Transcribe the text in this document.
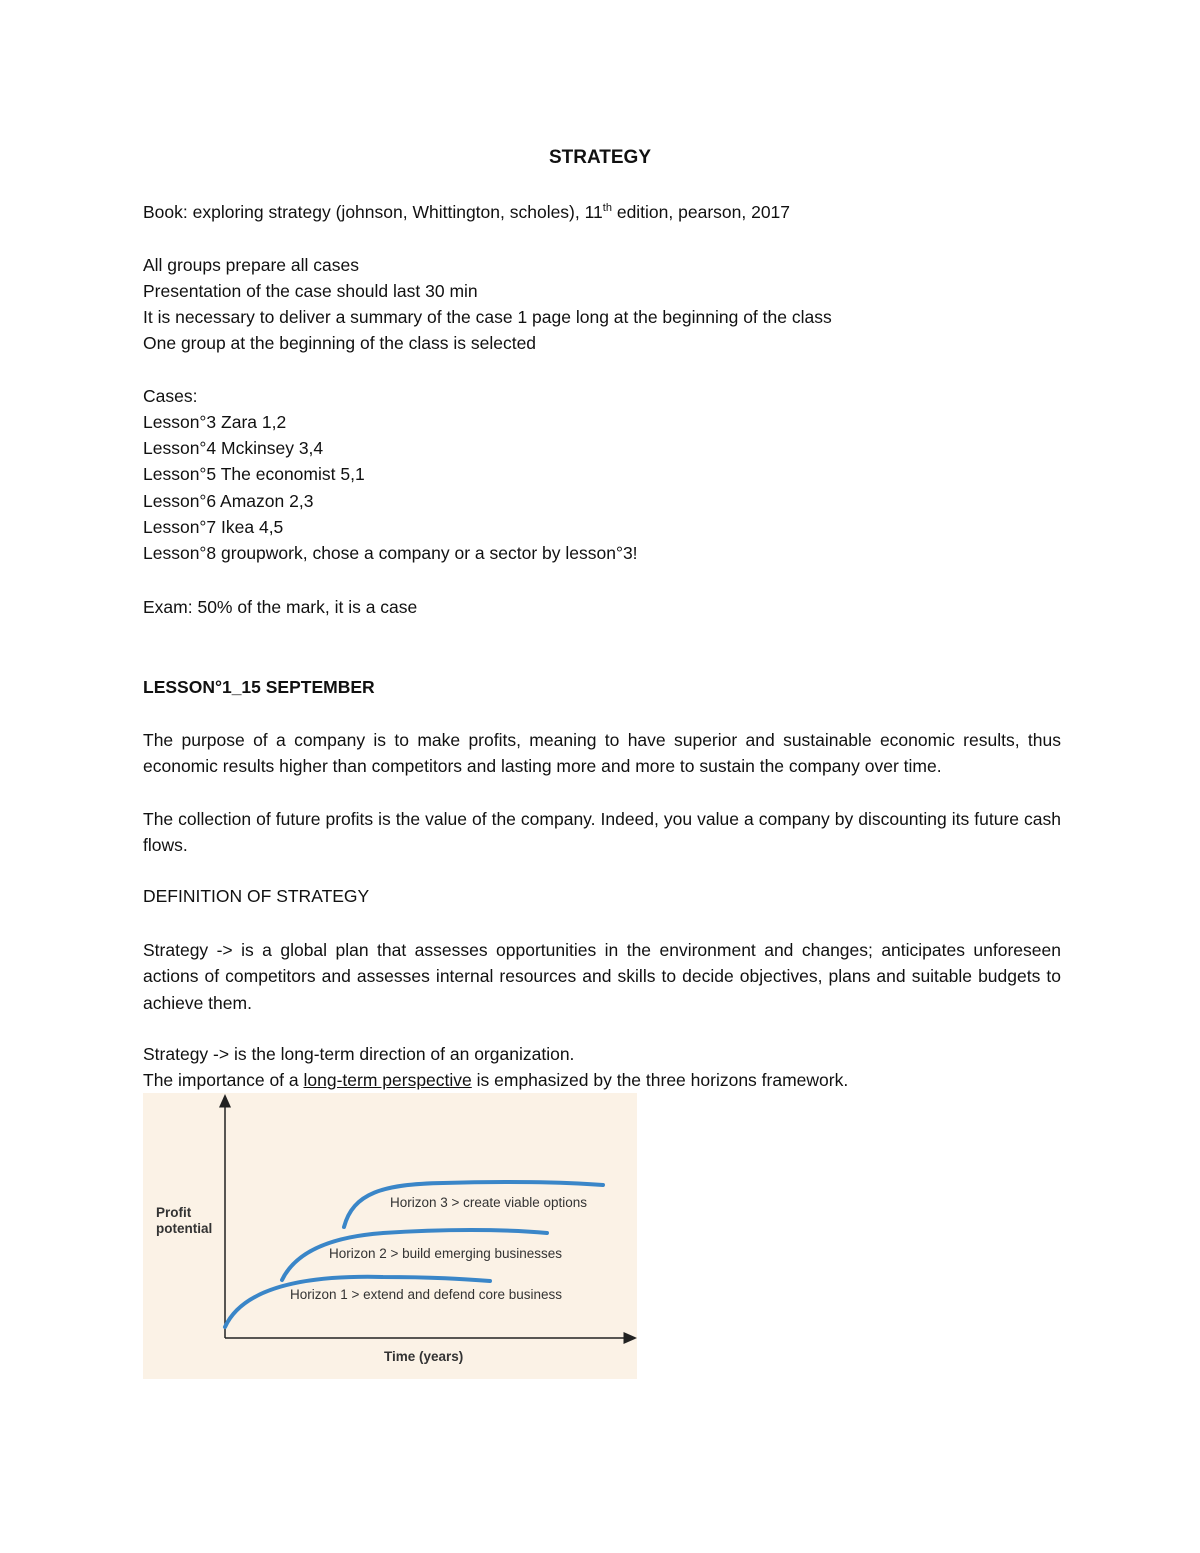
STRATEGY
Book: exploring strategy (johnson, Whittington, scholes), 11th edition, pearson, 2017
All groups prepare all cases
Presentation of the case should last 30 min
It is necessary to deliver a summary of the case 1 page long at the beginning of the class
One group at the beginning of the class is selected
Cases:
Lesson°3 Zara 1,2
Lesson°4 Mckinsey 3,4
Lesson°5 The economist 5,1
Lesson°6 Amazon 2,3
Lesson°7 Ikea 4,5
Lesson°8 groupwork, chose a company or a sector by lesson°3!
Exam: 50% of the mark, it is a case
LESSON°1_15 SEPTEMBER
The purpose of a company is to make profits, meaning to have superior and sustainable economic results, thus economic results higher than competitors and lasting more and more to sustain the company over time.
The collection of future profits is the value of the company. Indeed, you value a company by discounting its future cash flows.
DEFINITION OF STRATEGY
Strategy -> is a global plan that assesses opportunities in the environment and changes; anticipates unforeseen actions of competitors and assesses internal resources and skills to decide objectives, plans and suitable budgets to achieve them.
Strategy -> is the long-term direction of an organization.
The importance of a long-term perspective is emphasized by the three horizons framework.
Profit
potential
Horizon 3 > create viable options
Horizon 2 > build emerging businesses
Horizon 1 > extend and defend core business
Time (years)
